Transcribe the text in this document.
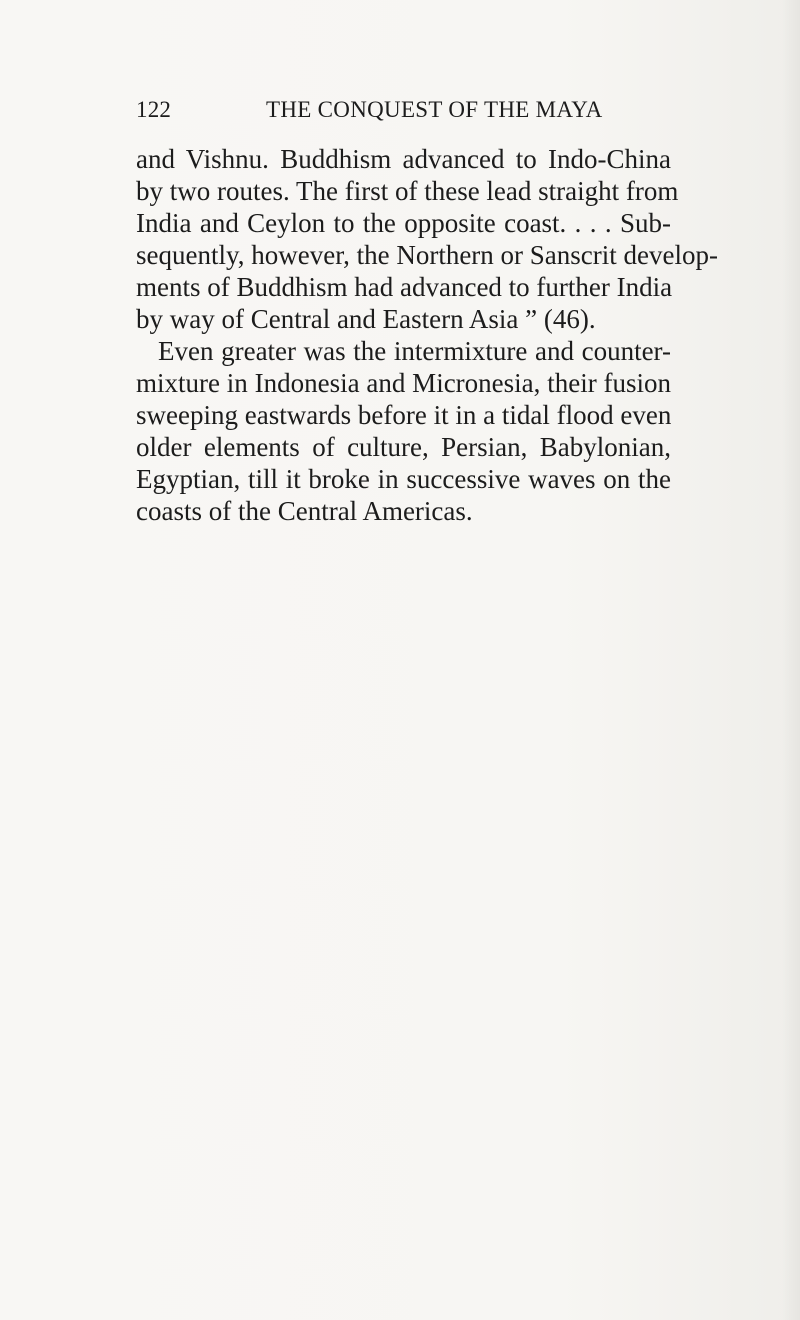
122	THE CONQUEST OF THE MAYA
and Vishnu. Buddhism advanced to Indo-China
by two routes. The first of these lead straight from
India and Ceylon to the opposite coast. . . . Sub-
sequently, however, the Northern or Sanscrit develop-
ments of Buddhism had advanced to further India
by way of Central and Eastern Asia ” (46).
Even greater was the intermixture and counter-
mixture in Indonesia and Micronesia, their fusion
sweeping eastwards before it in a tidal flood even
older elements of culture, Persian, Babylonian,
Egyptian, till it broke in successive waves on the
coasts of the Central Americas.
